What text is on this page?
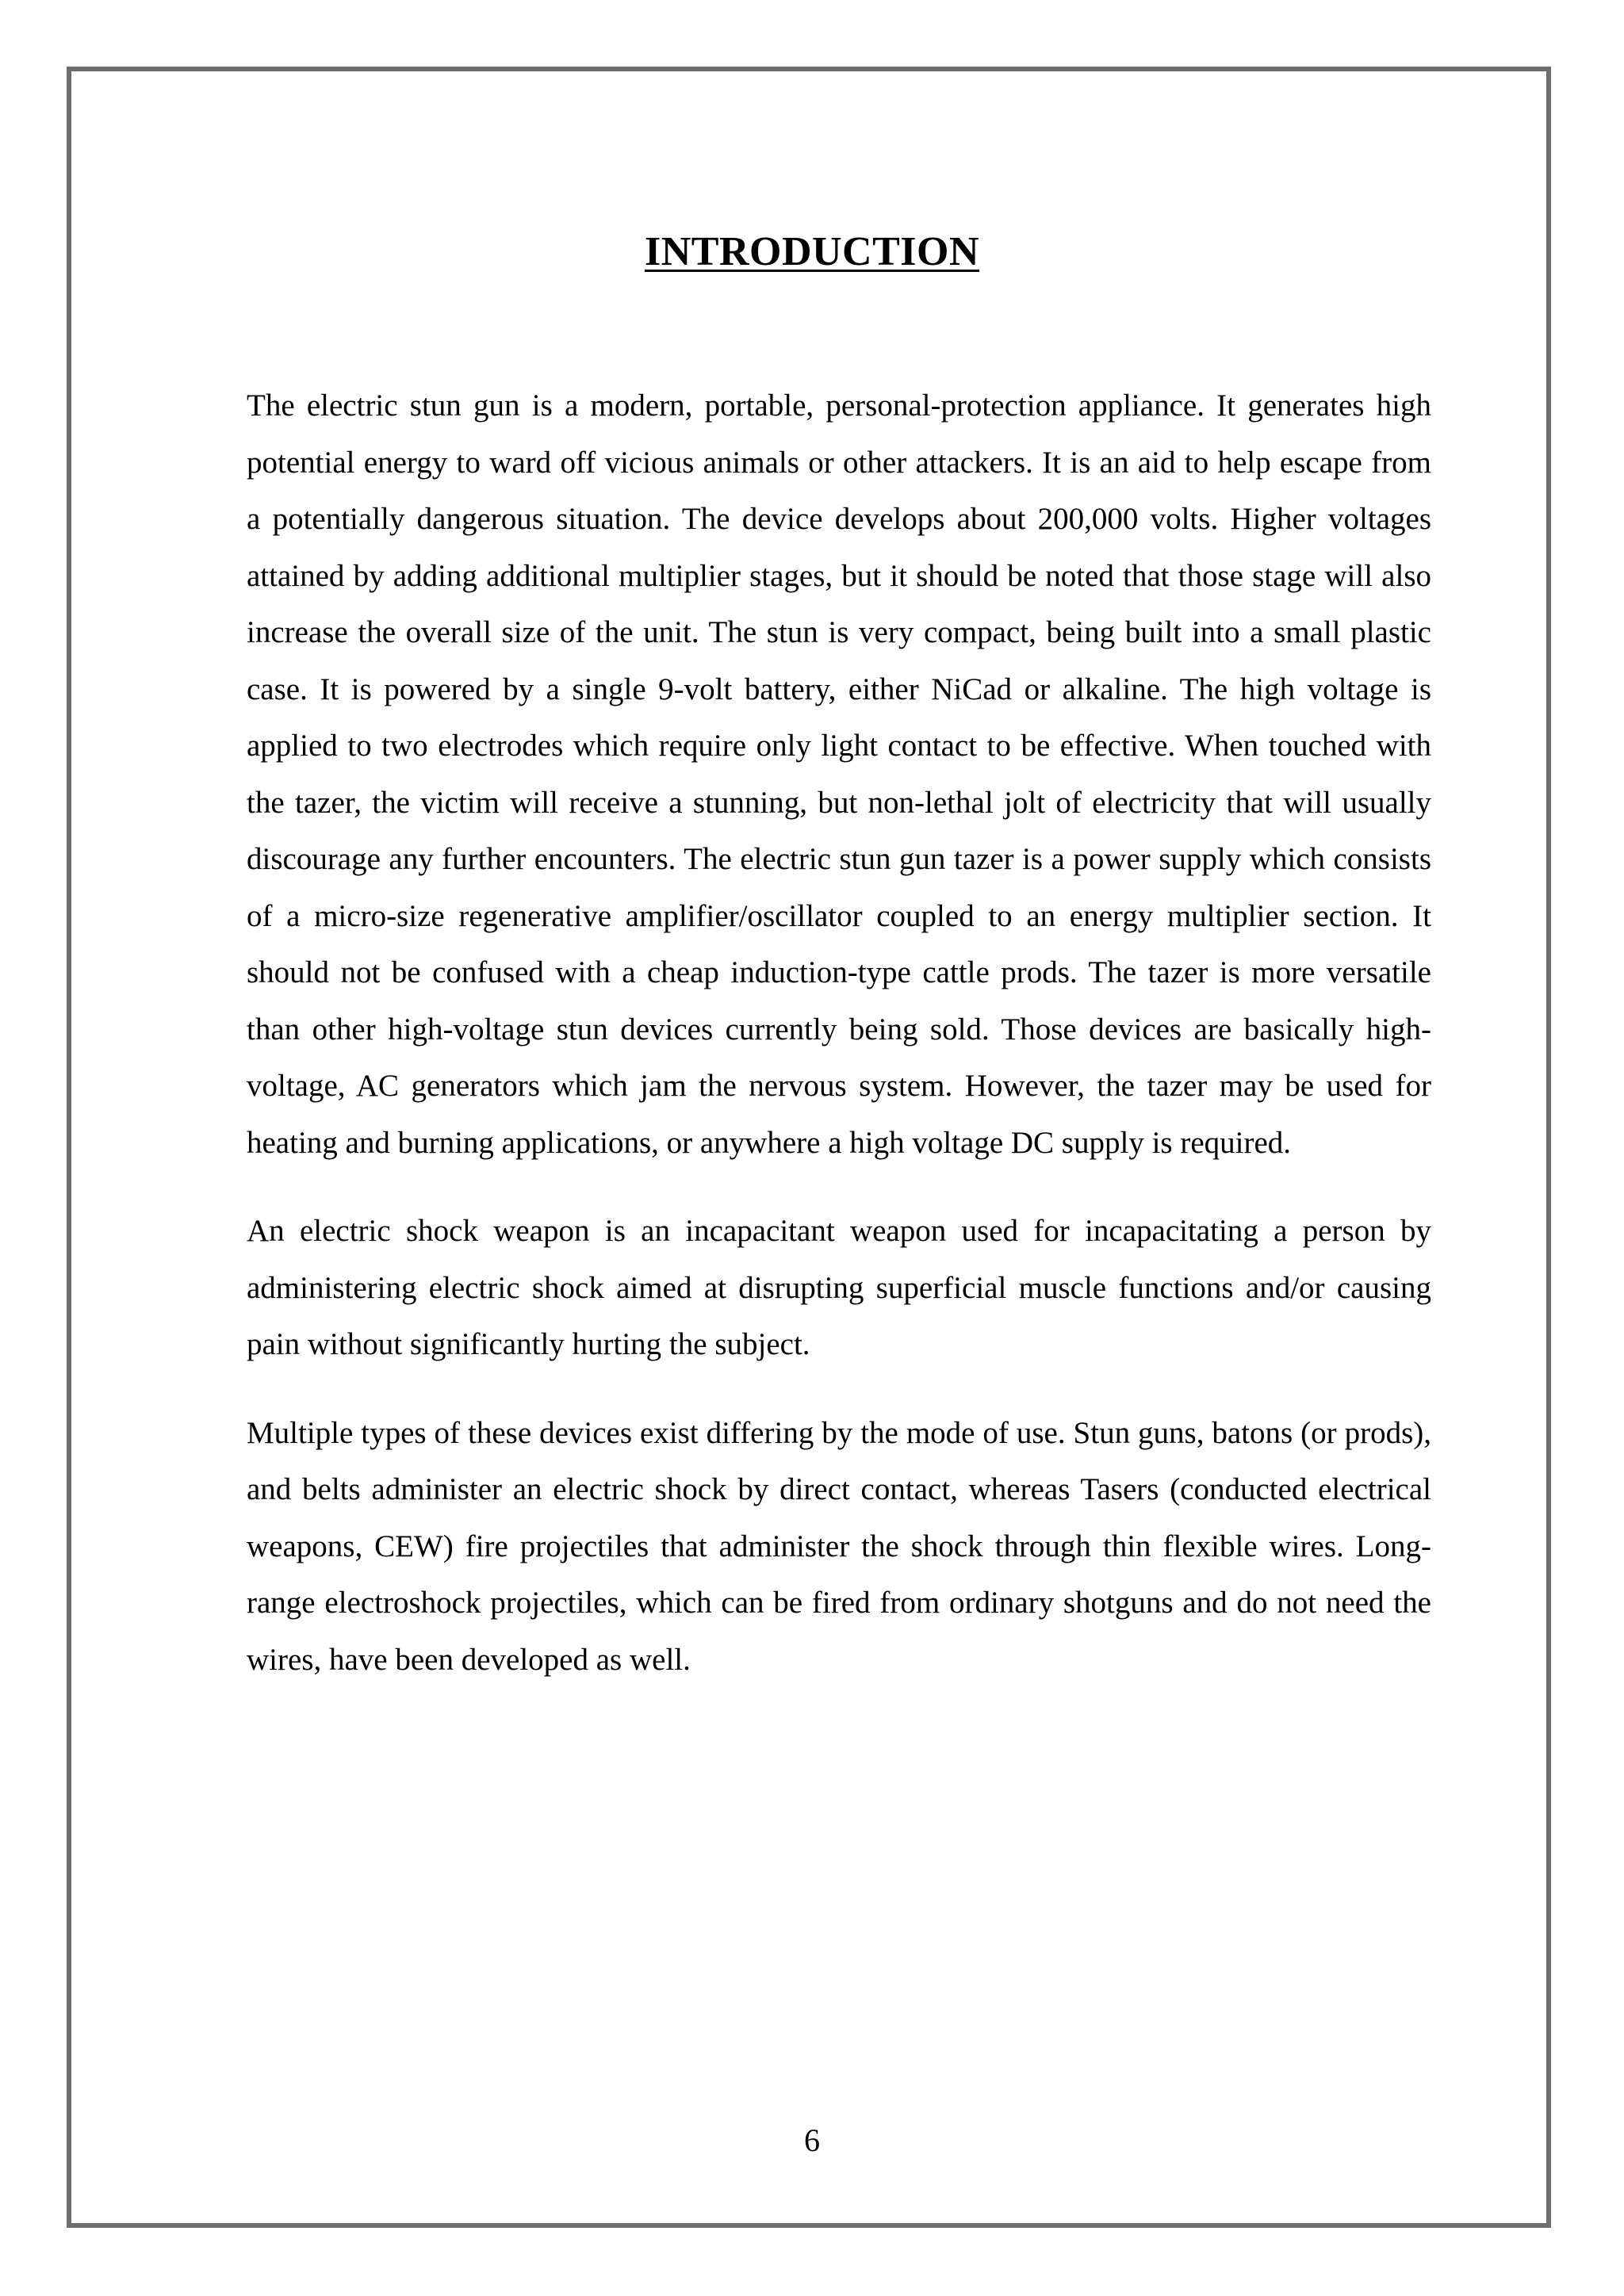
INTRODUCTION

The electric stun gun is a modern, portable, personal-protection appliance. It generates high potential energy to ward off vicious animals or other attackers. It is an aid to help escape from a potentially dangerous situation. The device develops about 200,000 volts. Higher voltages attained by adding additional multiplier stages, but it should be noted that those stage will also increase the overall size of the unit. The stun is very compact, being built into a small plastic case. It is powered by a single 9-volt battery, either NiCad or alkaline. The high voltage is applied to two electrodes which require only light contact to be effective. When touched with the tazer, the victim will receive a stunning, but non-lethal jolt of electricity that will usually discourage any further encounters. The electric stun gun tazer is a power supply which consists of a micro-size regenerative amplifier/oscillator coupled to an energy multiplier section. It should not be confused with a cheap induction-type cattle prods. The tazer is more versatile than other high-voltage stun devices currently being sold. Those devices are basically high-voltage, AC generators which jam the nervous system. However, the tazer may be used for heating and burning applications, or anywhere a high voltage DC supply is required.

An electric shock weapon is an incapacitant weapon used for incapacitating a person by administering electric shock aimed at disrupting superficial muscle functions and/or causing pain without significantly hurting the subject.

Multiple types of these devices exist differing by the mode of use. Stun guns, batons (or prods), and belts administer an electric shock by direct contact, whereas Tasers (conducted electrical weapons, CEW) fire projectiles that administer the shock through thin flexible wires. Long-range electroshock projectiles, which can be fired from ordinary shotguns and do not need the wires, have been developed as well.

6
